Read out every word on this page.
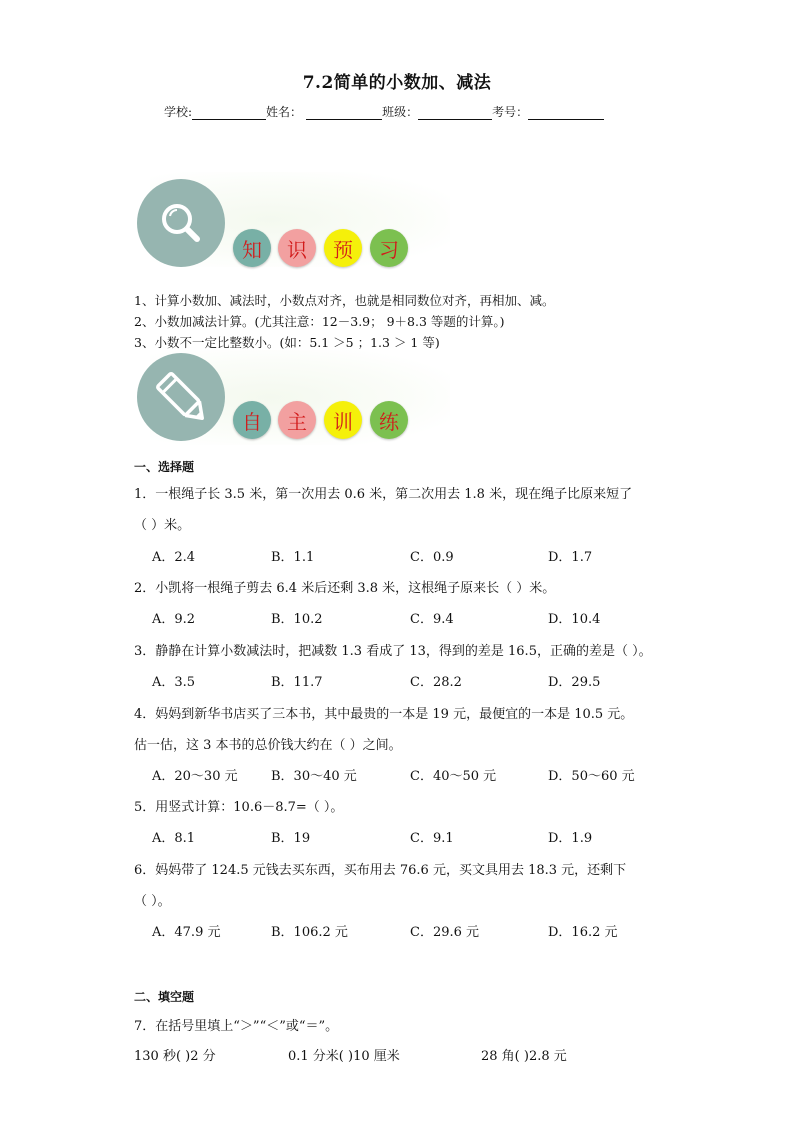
7.2简单的小数加、减法
学校:	姓名：	班级：	考号：
知	识	预	习
1、计算小数加、减法时，小数点对齐，也就是相同数位对齐，再相加、减。
2、小数加减法计算。(尤其注意：12－3.9； 9＋8.3 等题的计算。)
3、小数不一定比整数小。(如：5.1 ＞5 ；1.3 ＞ 1 等)
自	主	训	练
一、选择题
1．一根绳子长 3.5 米，第一次用去 0.6 米，第二次用去 1.8 米，现在绳子比原来短了
（ ）米。
A．2.4	B．1.1	C．0.9	D．1.7
2．小凯将一根绳子剪去 6.4 米后还剩 3.8 米，这根绳子原来长（ ）米。
A．9.2	B．10.2	C．9.4	D．10.4
3．静静在计算小数减法时，把减数 1.3 看成了 13，得到的差是 16.5，正确的差是（ ）。
A．3.5	B．11.7	C．28.2	D．29.5
4．妈妈到新华书店买了三本书，其中最贵的一本是 19 元，最便宜的一本是 10.5 元。
估一估，这 3 本书的总价钱大约在（ ）之间。
A．20～30 元	B．30～40 元	C．40～50 元	D．50～60 元
5．用竖式计算：10.6－8.7=（ ）。
A．8.1	B．19	C．9.1	D．1.9
6．妈妈带了 124.5 元钱去买东西，买布用去 76.6 元，买文具用去 18.3 元，还剩下
（ ）。
A．47.9 元	B．106.2 元	C．29.6 元	D．16.2 元
二、填空题
7．在括号里填上“＞”“＜”或“＝”。
130 秒( )2 分	0.1 分米( )10 厘米	28 角( )2.8 元
